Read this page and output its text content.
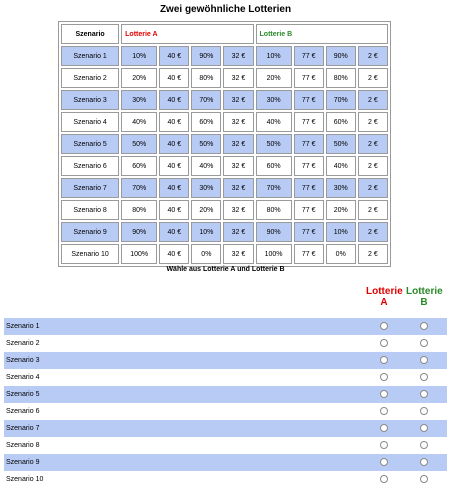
Zwei gewöhnliche Lotterien
Szenario	Lotterie A				Lotterie B			
Szenario 1	10%	40 €	90%	32 €	10%	77 €	90%	2 €
Szenario 2	20%	40 €	80%	32 €	20%	77 €	80%	2 €
Szenario 3	30%	40 €	70%	32 €	30%	77 €	70%	2 €
Szenario 4	40%	40 €	60%	32 €	40%	77 €	60%	2 €
Szenario 5	50%	40 €	50%	32 €	50%	77 €	50%	2 €
Szenario 6	60%	40 €	40%	32 €	60%	77 €	40%	2 €
Szenario 7	70%	40 €	30%	32 €	70%	77 €	30%	2 €
Szenario 8	80%	40 €	20%	32 €	80%	77 €	20%	2 €
Szenario 9	90%	40 €	10%	32 €	90%	77 €	10%	2 €
Szenario 10	100%	40 €	0%	32 €	100%	77 €	0%	2 €
Wähle aus Lotterie A und Lotterie B
Lotterie
A
Lotterie
B
Szenario 1
Szenario 2
Szenario 3
Szenario 4
Szenario 5
Szenario 6
Szenario 7
Szenario 8
Szenario 9
Szenario 10
